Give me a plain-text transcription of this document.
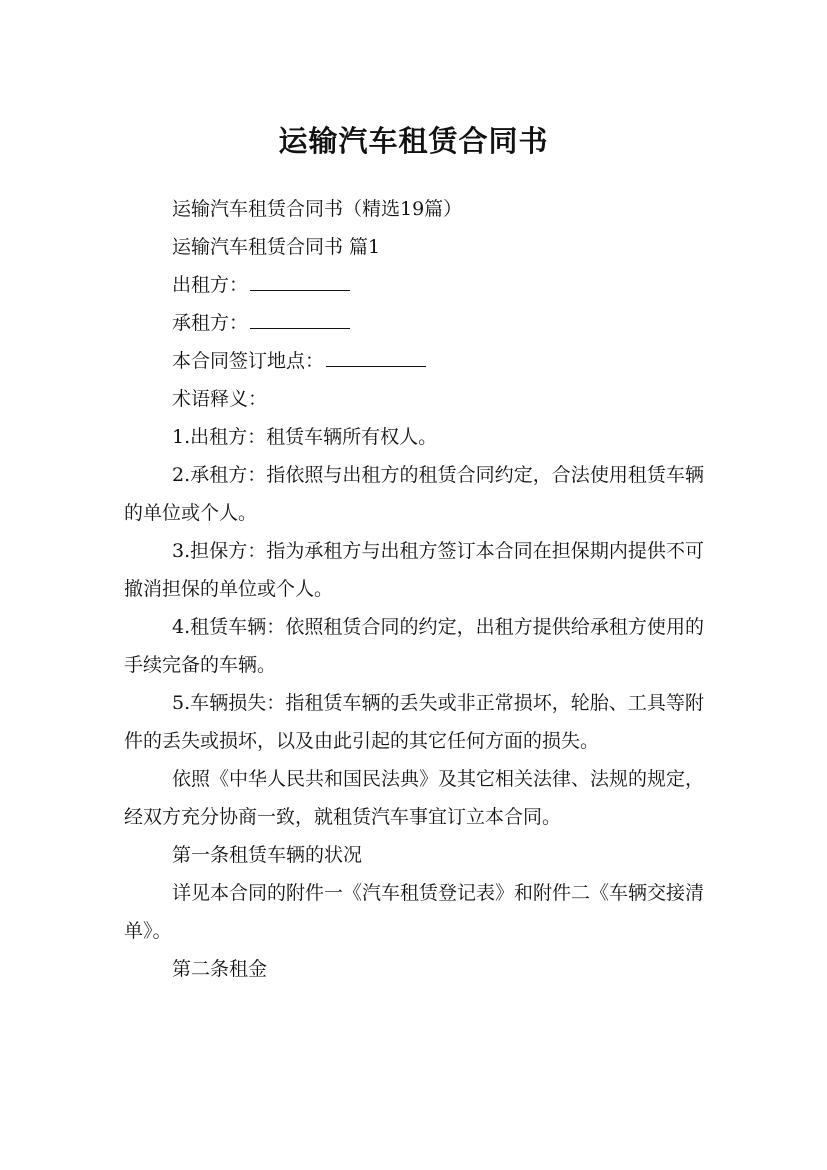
运输汽车租赁合同书

运输汽车租赁合同书（精选19篇）

运输汽车租赁合同书 篇1

出租方：

承租方：

本合同签订地点：

术语释义：

1.出租方：租赁车辆所有权人。

2.承租方：指依照与出租方的租赁合同约定，合法使用租赁车辆的单位或个人。

3.担保方：指为承租方与出租方签订本合同在担保期内提供不可撤消担保的单位或个人。

4.租赁车辆：依照租赁合同的约定，出租方提供给承租方使用的手续完备的车辆。

5.车辆损失：指租赁车辆的丢失或非正常损坏，轮胎、工具等附件的丢失或损坏，以及由此引起的其它任何方面的损失。

依照《中华人民共和国民法典》及其它相关法律、法规的规定，经双方充分协商一致，就租赁汽车事宜订立本合同。

第一条租赁车辆的状况

详见本合同的附件一《汽车租赁登记表》和附件二《车辆交接清单》。

第二条租金
